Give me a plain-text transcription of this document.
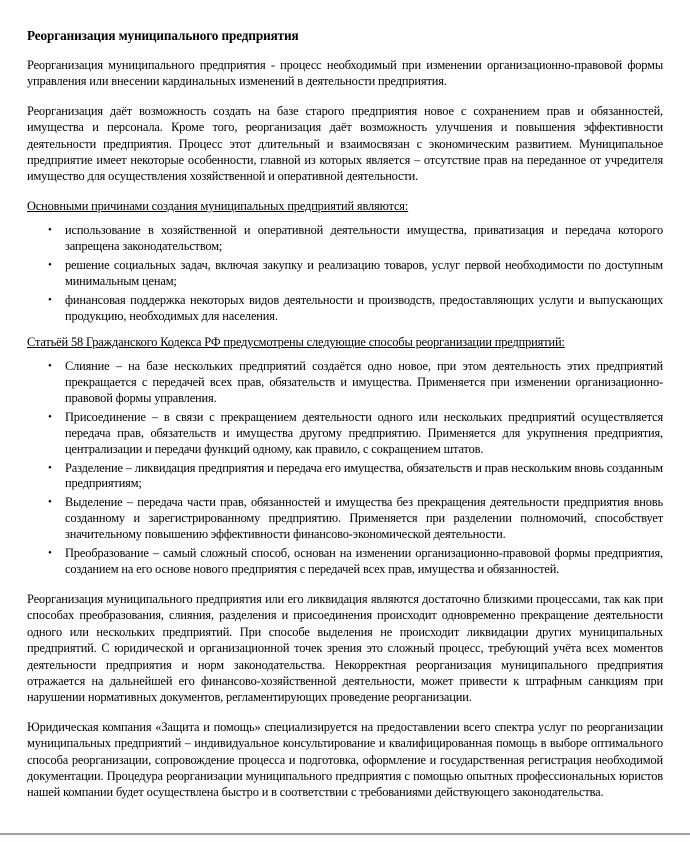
Реорганизация муниципального предприятия

Реорганизация муниципального предприятия - процесс необходимый при изменении организационно-правовой формы управления или внесении кардинальных изменений в деятельности предприятия.

Реорганизация даёт возможность создать на базе старого предприятия новое с сохранением прав и обязанностей, имущества и персонала. Кроме того, реорганизация даёт возможность улучшения и повышения эффективности деятельности предприятия. Процесс этот длительный и взаимосвязан с экономическим развитием. Муниципальное предприятие имеет некоторые особенности, главной из которых является – отсутствие прав на переданное от учредителя имущество для осуществления хозяйственной и оперативной деятельности.

Основными причинами создания муниципальных предприятий являются:
•	использование в хозяйственной и оперативной деятельности имущества, приватизация и передача которого запрещена законодательством;
•	решение социальных задач, включая закупку и реализацию товаров, услуг первой необходимости по доступным минимальным ценам;
•	финансовая поддержка некоторых видов деятельности и производств, предоставляющих услуги и выпускающих продукцию, необходимых для населения.
Статьёй 58 Гражданского Кодекса РФ предусмотрены следующие способы реорганизации предприятий:
•	Слияние – на базе нескольких предприятий создаётся одно новое, при этом деятельность этих предприятий прекращается с передачей всех прав, обязательств и имущества. Применяется при изменении организационно-правовой формы управления.
•	Присоединение – в связи с прекращением деятельности одного или нескольких предприятий осуществляется передача прав, обязательств и имущества другому предприятию. Применяется для укрупнения предприятия, централизации и передачи функций одному, как правило, с сокращением штатов.
•	Разделение – ликвидация предприятия и передача его имущества, обязательств и прав нескольким вновь созданным предприятиям;
•	Выделение – передача части прав, обязанностей и имущества без прекращения деятельности предприятия вновь созданному и зарегистрированному предприятию. Применяется при разделении полномочий, способствует значительному повышению эффективности финансово-экономической деятельности.
•	Преобразование – самый сложный способ, основан на изменении организационно-правовой формы предприятия, созданием на его основе нового предприятия с передачей всех прав, имущества и обязанностей.

Реорганизация муниципального предприятия или его ликвидация являются достаточно близкими процессами, так как при способах преобразования, слияния, разделения и присоединения происходит одновременно прекращение деятельности одного или нескольких предприятий. При способе выделения не происходит ликвидации других муниципальных предприятий. С юридической и организационной точек зрения это сложный процесс, требующий учёта всех моментов деятельности предприятия и норм законодательства. Некорректная реорганизация муниципального предприятия отражается на дальнейшей его финансово-хозяйственной деятельности, может привести к штрафным санкциям при нарушении нормативных документов, регламентирующих проведение реорганизации.

Юридическая компания «Защита и помощь» специализируется на предоставлении всего спектра услуг по реорганизации муниципальных предприятий – индивидуальное консультирование и квалифицированная помощь в выборе оптимального способа реорганизации, сопровождение процесса и подготовка, оформление и государственная регистрация необходимой документации. Процедура реорганизации муниципального предприятия с помощью опытных профессиональных юристов нашей компании будет осуществлена быстро и в соответствии с требованиями действующего законодательства.
